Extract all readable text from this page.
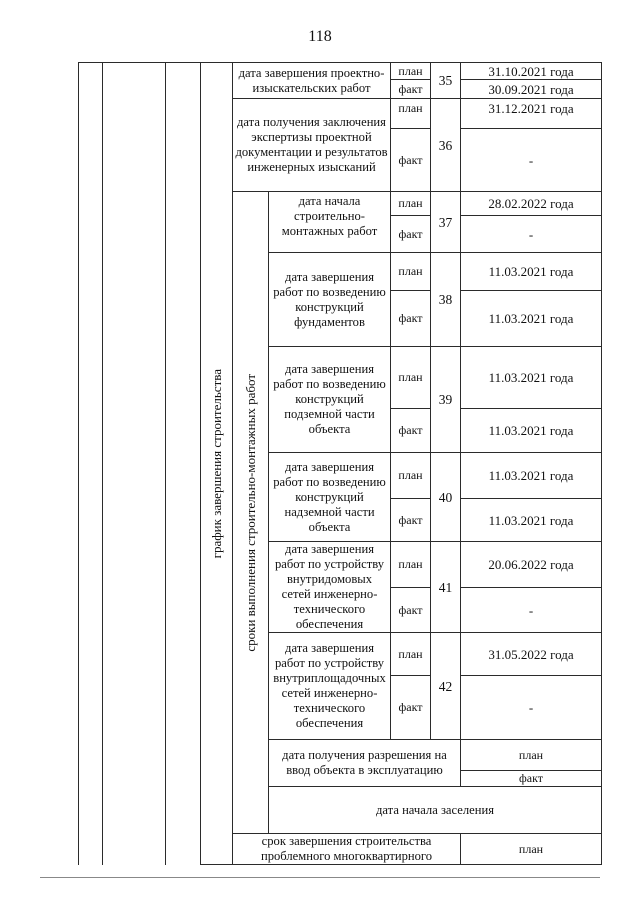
118

			график завершения строительства	дата завершения проектно-изыскательских работ		план	35	31.10.2021 года	
						факт		30.09.2021 года	
				дата получения заключения экспертизы проектной документации и результатов инженерных изысканий		план	36	31.12.2021 года	
						факт		-	

				сроки выполнения строительно-монтажных работ	дата начала строительно-монтажных работ	план	37	28.02.2022 года	
						факт		-	
					дата завершения работ по возведению конструкций фундаментов	план	38	11.03.2021 года	
						факт		11.03.2021 года	
					дата завершения работ по возведению конструкций подземной части объекта	план	39	11.03.2021 года	
						факт		11.03.2021 года	
					дата завершения работ по возведению конструкций надземной части объекта	план	40	11.03.2021 года	
						факт		11.03.2021 года	
					дата завершения работ по устройству внутридомовых сетей инженерно-технического обеспечения	план	41	20.06.2022 года	
						факт		-	
					дата завершения работ по устройству внутриплощадочных сетей инженерно-технического обеспечения	план	42	31.05.2022 года	
						факт		-	
					дата получения разрешения на ввод объекта в эксплуатацию			план		
								факт	
					дата начала заселения			

				срок завершения строительства проблемного многоквартирного				план		
